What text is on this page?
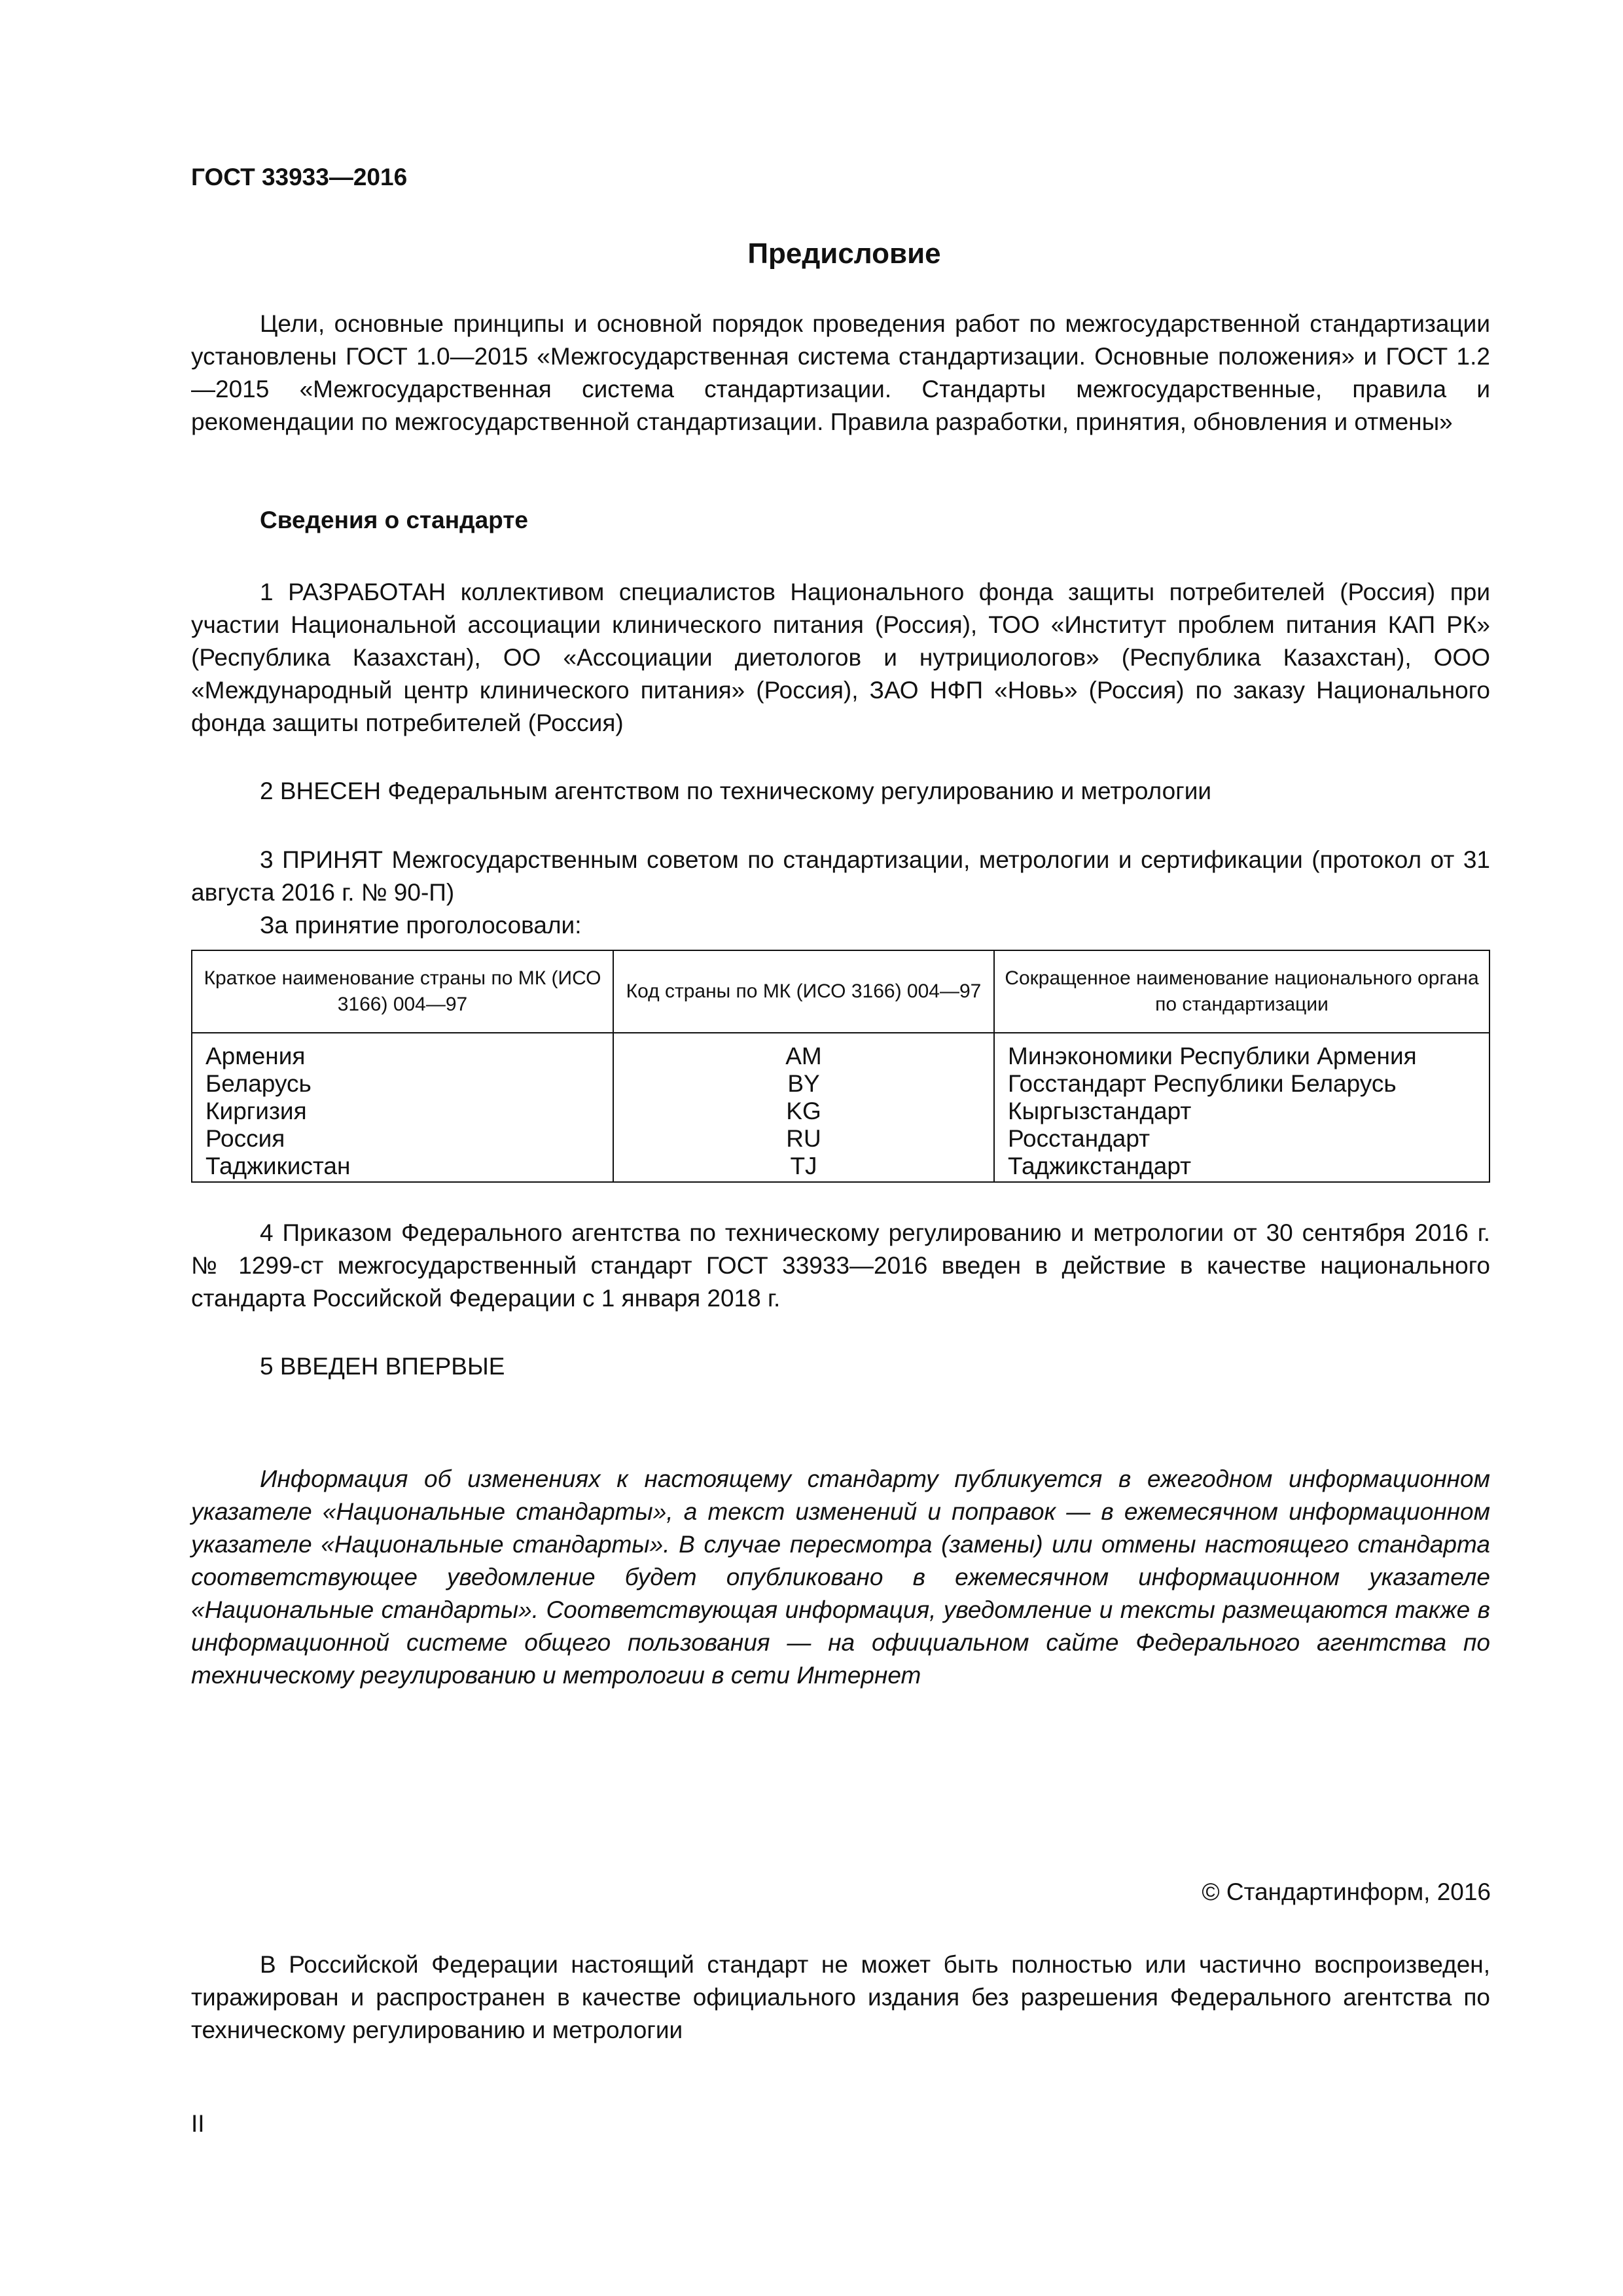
ГОСТ 33933—2016
Предисловие

Цели, основные принципы и основной порядок проведения работ по межгосударственной стандартизации установлены ГОСТ 1.0—2015 «Межгосударственная система стандартизации. Основные положения» и ГОСТ 1.2—2015 «Межгосударственная система стандартизации. Стандарты межгосударственные, правила и рекомендации по межгосударственной стандартизации. Правила разработки, принятия, обновления и отмены»

Сведения о стандарте

1 РАЗРАБОТАН коллективом специалистов Национального фонда защиты потребителей (Россия) при участии Национальной ассоциации клинического питания (Россия), ТОО «Институт проблем питания КАП РК» (Республика Казахстан), ОО «Ассоциации диетологов и нутрициологов» (Республика Казахстан), ООО «Международный центр клинического питания» (Россия), ЗАО НФП «Новь» (Россия) по заказу Национального фонда защиты потребителей (Россия)

2 ВНЕСЕН Федеральным агентством по техническому регулированию и метрологии

3 ПРИНЯТ Межгосударственным советом по стандартизации, метрологии и сертификации (протокол от 31 августа 2016 г. № 90-П)

За принятие проголосовали:

Краткое наименование страны по МК (ИСО 3166) 004—97	Код страны по МК (ИСО 3166) 004—97	Сокращенное наименование национального органа по стандартизации
Армения	AM	Минэкономики Республики Армения
Беларусь	BY	Госстандарт Республики Беларусь
Киргизия	KG	Кыргызстандарт
Россия	RU	Росстандарт
Таджикистан	TJ	Таджикстандарт

4 Приказом Федерального агентства по техническому регулированию и метрологии от 30 сентября 2016 г. № 1299-ст межгосударственный стандарт ГОСТ 33933—2016 введен в действие в качестве национального стандарта Российской Федерации с 1 января 2018 г.

5 ВВЕДЕН ВПЕРВЫЕ

Информация об изменениях к настоящему стандарту публикуется в ежегодном информационном указателе «Национальные стандарты», а текст изменений и поправок — в ежемесячном информационном указателе «Национальные стандарты». В случае пересмотра (замены) или отмены настоящего стандарта соответствующее уведомление будет опубликовано в ежемесячном информационном указателе «Национальные стандарты». Соответствующая информация, уведомление и тексты размещаются также в информационной системе общего пользования — на официальном сайте Федерального агентства по техническому регулированию и метрологии в сети Интернет

© Стандартинформ, 2016

В Российской Федерации настоящий стандарт не может быть полностью или частично воспроизведен, тиражирован и распространен в качестве официального издания без разрешения Федерального агентства по техническому регулированию и метрологии

II
